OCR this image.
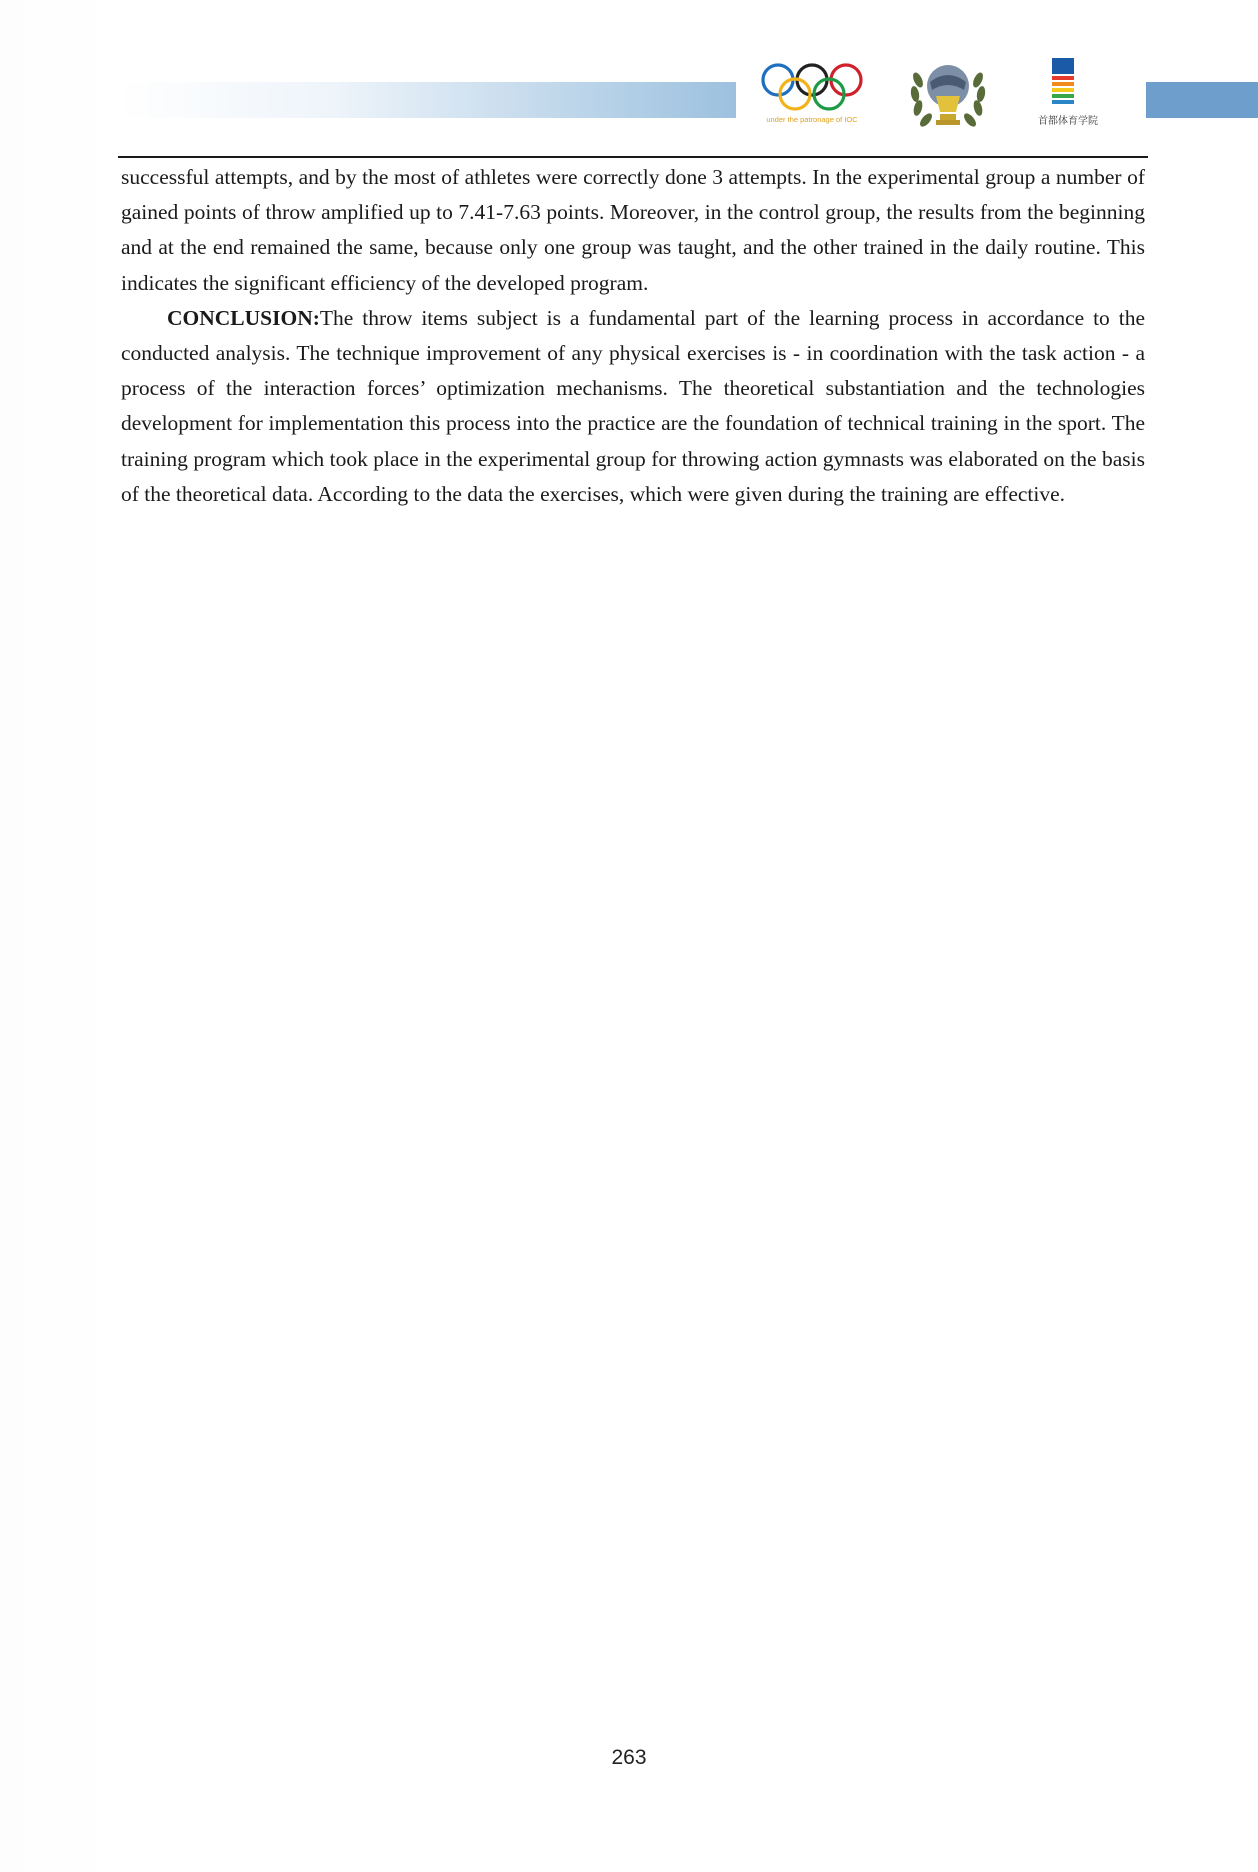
under the patronage of IOC	首都体育学院

successful attempts, and by the most of athletes were correctly done 3 attempts. In the experimental group a number of gained points of throw amplified up to 7.41-7.63 points. Moreover, in the control group, the results from the beginning and at the end remained the same, because only one group was taught, and the other trained in the daily routine. This indicates the significant efficiency of the developed program.

CONCLUSION:The throw items subject is a fundamental part of the learning process in accordance to the conducted analysis. The technique improvement of any physical exercises is - in coordination with the task action - a process of the interaction forces’ optimization mechanisms. The theoretical substantiation and the technologies development for implementation this process into the practice are the foundation of technical training in the sport. The training program which took place in the experimental group for throwing action gymnasts was elaborated on the basis of the theoretical data. According to the data the exercises, which were given during the training are effective.

263
